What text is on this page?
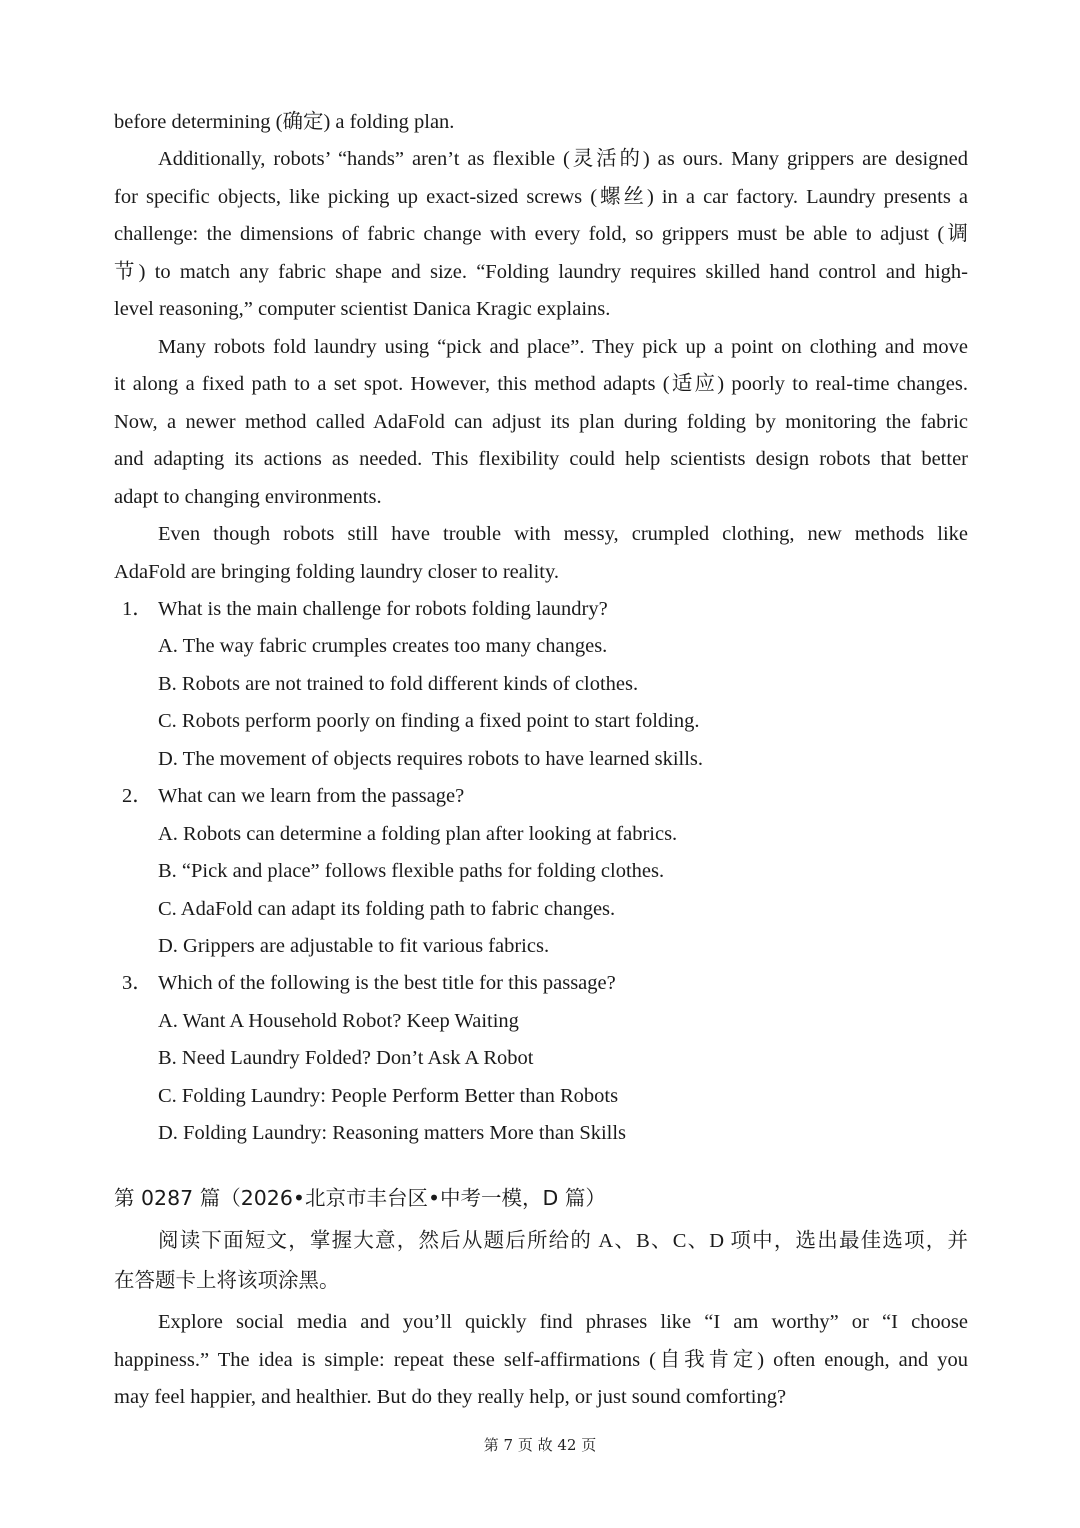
before determining (确定) a folding plan.
Additionally, robots’ “hands” aren’t as flexible (灵活的) as ours. Many grippers are designed
for specific objects, like picking up exact-sized screws (螺丝) in a car factory. Laundry presents a
challenge: the dimensions of fabric change with every fold, so grippers must be able to adjust (调
节) to match any fabric shape and size. “Folding laundry requires skilled hand control and high-
level reasoning,” computer scientist Danica Kragic explains.
Many robots fold laundry using “pick and place”. They pick up a point on clothing and move
it along a fixed path to a set spot. However, this method adapts (适应) poorly to real-time changes.
Now, a newer method called AdaFold can adjust its plan during folding by monitoring the fabric
and adapting its actions as needed. This flexibility could help scientists design robots that better
adapt to changing environments.
Even though robots still have trouble with messy, crumpled clothing, new methods like
AdaFold are bringing folding laundry closer to reality.
1． What is the main challenge for robots folding laundry?
A. The way fabric crumples creates too many changes.
B. Robots are not trained to fold different kinds of clothes.
C. Robots perform poorly on finding a fixed point to start folding.
D. The movement of objects requires robots to have learned skills.
2． What can we learn from the passage?
A. Robots can determine a folding plan after looking at fabrics.
B. “Pick and place” follows flexible paths for folding clothes.
C. AdaFold can adapt its folding path to fabric changes.
D. Grippers are adjustable to fit various fabrics.
3． Which of the following is the best title for this passage?
A. Want A Household Robot? Keep Waiting
B. Need Laundry Folded? Don’t Ask A Robot
C. Folding Laundry: People Perform Better than Robots
D. Folding Laundry: Reasoning matters More than Skills
第 0287 篇（2026•北京市丰台区•中考一模，D 篇）
阅读下面短文，掌握大意，然后从题后所给的 A、B、C、D 项中，选出最佳选项，并
在答题卡上将该项涂黑。
Explore social media and you’ll quickly find phrases like “I am worthy” or “I choose
happiness.” The idea is simple: repeat these self-affirmations (自我肯定) often enough, and you
may feel happier, and healthier. But do they really help, or just sound comforting?
第 7 页 故 42 页
